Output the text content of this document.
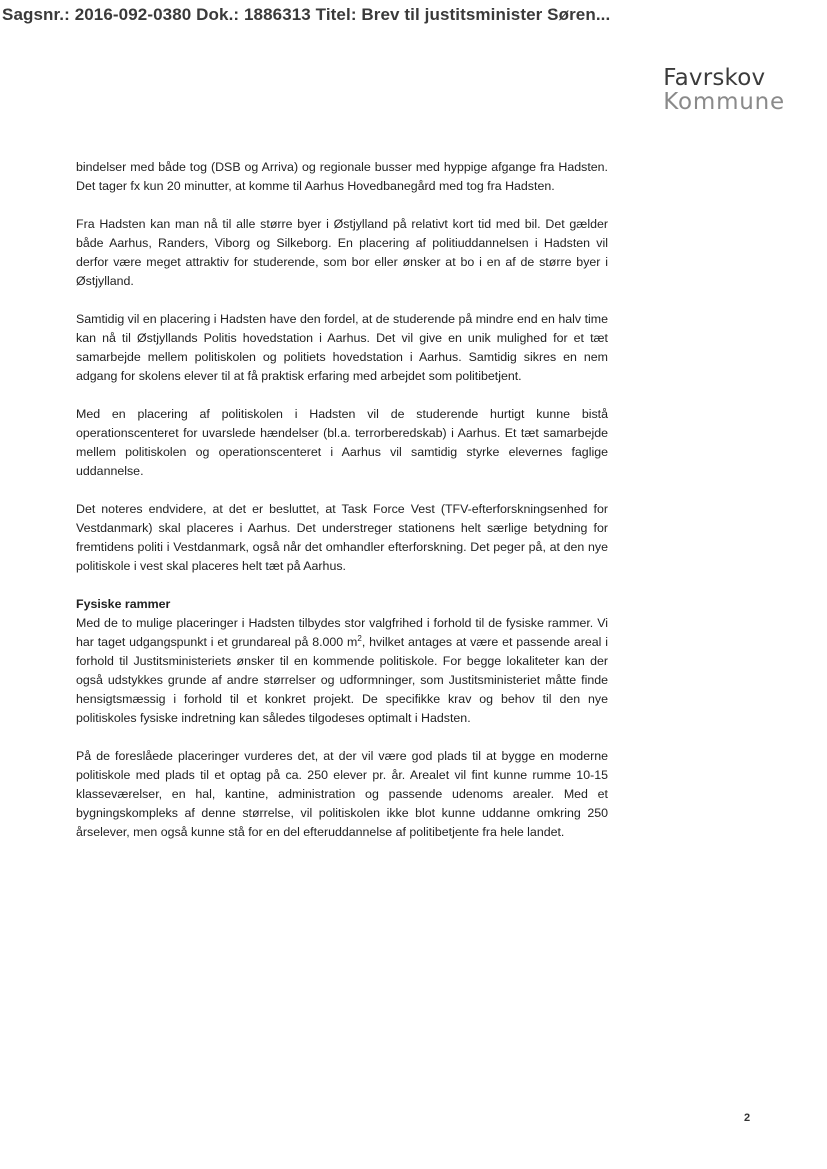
Sagsnr.: 2016-092-0380 Dok.: 1886313 Titel: Brev til justitsminister Søren...
Favrskov
Kommune

bindelser med både tog (DSB og Arriva) og regionale busser med hyppige afgange fra Hadsten. Det tager fx kun 20 minutter, at komme til Aarhus Hovedbanegård med tog fra Hadsten.

Fra Hadsten kan man nå til alle større byer i Østjylland på relativt kort tid med bil. Det gælder både Aarhus, Randers, Viborg og Silkeborg. En placering af politiuddannelsen i Hadsten vil derfor være meget attraktiv for studerende, som bor eller ønsker at bo i en af de større byer i Østjylland.

Samtidig vil en placering i Hadsten have den fordel, at de studerende på mindre end en halv time kan nå til Østjyllands Politis hovedstation i Aarhus. Det vil give en unik mulighed for et tæt samarbejde mellem politiskolen og politiets hovedstation i Aarhus. Samtidig sikres en nem adgang for skolens elever til at få praktisk erfaring med arbejdet som politibetjent.

Med en placering af politiskolen i Hadsten vil de studerende hurtigt kunne bistå operationscenteret for uvarslede hændelser (bl.a. terrorberedskab) i Aarhus. Et tæt samarbejde mellem politiskolen og operationscenteret i Aarhus vil samtidig styrke elevernes faglige uddannelse.

Det noteres endvidere, at det er besluttet, at Task Force Vest (TFV-efterforskningsenhed for Vestdanmark) skal placeres i Aarhus. Det understreger stationens helt særlige betydning for fremtidens politi i Vestdanmark, også når det omhandler efterforskning. Det peger på, at den nye politiskole i vest skal placeres helt tæt på Aarhus.

Fysiske rammer

Med de to mulige placeringer i Hadsten tilbydes stor valgfrihed i forhold til de fysiske rammer. Vi har taget udgangspunkt i et grundareal på 8.000 $m^2$, hvilket antages at være et passende areal i forhold til Justitsministeriets ønsker til en kommende politiskole. For begge lokaliteter kan der også udstykkes grunde af andre størrelser og udformninger, som Justitsministeriet måtte finde hensigtsmæssig i forhold til et konkret projekt. De specifikke krav og behov til den nye politiskoles fysiske indretning kan således tilgodeses optimalt i Hadsten.

På de foreslåede placeringer vurderes det, at der vil være god plads til at bygge en moderne politiskole med plads til et optag på ca. 250 elever pr. år. Arealet vil fint kunne rumme 10-15 klasseværelser, en hal, kantine, administration og passende udenoms arealer. Med et bygningskompleks af denne størrelse, vil politiskolen ikke blot kunne uddanne omkring 250 årselever, men også kunne stå for en del efteruddannelse af politibetjente fra hele landet.

2
